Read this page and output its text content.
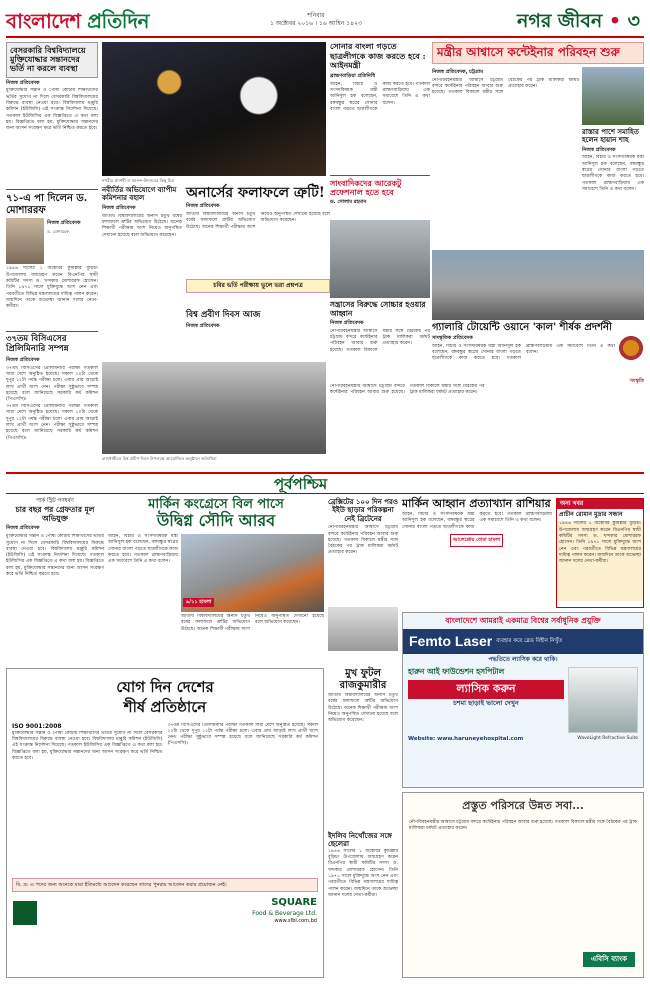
বাংলাদেশ প্রতিদিন	শনিবার
১ অক্টোবর ২০১৬ । ১৬ আশ্বিন ১৪২৩	নগর জীবন • ৩
বেসরকারি বিশ্ববিদ্যালয়ে মুক্তিযোদ্ধার সন্তানদের ভর্তি না করলে ব্যবস্থা
নিজস্ব প্রতিবেদক
মুক্তিযোদ্ধার সন্তান ও পোষ্য কোটায় শিক্ষার্থীদের ভর্তির সুযোগ না দিলে বেসরকারি বিশ্ববিদ্যালয়ের বিরুদ্ধে ব্যবস্থা নেওয়া হবে। বিশ্ববিদ্যালয় মঞ্জুরি কমিশন (ইউজিসি) এই সংক্রান্ত নির্দেশনা দিয়েছে। গতকাল ইউজিসির এক বিজ্ঞপ্তিতে এ কথা বলা হয়। বিজ্ঞপ্তিতে বলা হয়, মুক্তিযোদ্ধার সন্তানদের জন্য আসন সংরক্ষণ করে ভর্তি নিশ্চিত করতে হবে।
৭১-এ পা দিলেন ড. মোশাররফ
নিজস্ব প্রতিবেদক
ড. মোশাররফ
১৯৪৬ সালের ১ অক্টোবর কুমিল্লার বুড়িচং উপজেলায় জন্মগ্রহণ করেন বিএনপির স্থায়ী কমিটির সদস্য ড. খন্দকার মোশাররফ হোসেন। তিনি ১৯৭১ সালে মুক্তিযুদ্ধে অংশ নেন এবং পরবর্তীতে বিভিন্ন মন্ত্রণালয়ের দায়িত্ব পালন করেন। জন্মদিনে তাকে শুভেচ্ছা জানান দলের নেতা-কর্মীরা।
৩৭তম বিসিএসের প্রিলিমিনারি সম্পন্ন
নিজস্ব প্রতিবেদক
৩৭তম বিসিএসের প্রিলিমিনারি পরীক্ষা গতকাল সারা দেশে অনুষ্ঠিত হয়েছে। সকাল ১০টা থেকে দুপুর ১২টা পর্যন্ত পরীক্ষা চলে। এবার প্রায় আড়াই লাখ প্রার্থী অংশ নেন। পরীক্ষা সুষ্ঠুভাবে সম্পন্ন হয়েছে বলে জানিয়েছে সরকারি কর্ম কমিশন (পিএসসি)।
নগরীর প্রদর্শনী ও আনন্দ-উৎসবের কিছু চিত্র
সোনার বাংলা গড়তে ছাত্রলীগকে কাজ করতে হবে : আইনমন্ত্রী
ব্রাহ্মণবাড়িয়া প্রতিনিধি
আইন, বিচার ও সংসদবিষয়ক মন্ত্রী আনিসুল হক বলেছেন, বঙ্গবন্ধুর স্বপ্নের সোনার বাংলা গড়তে ছাত্রলীগকে কাজ করতে হবে। গতকাল ব্রাহ্মণবাড়িয়ায় এক সমাবেশে তিনি এ কথা বলেন।
সাংবাদিকদের আরেকটু প্রফেশনাল হতে হবে
ড. গোলাম রহমান
মন্ত্রীর আশ্বাসে কন্টেইনার পরিবহন শুরু
নিজস্ব প্রতিবেদক, চট্টগ্রাম
নৌপরিবহনমন্ত্রীর আশ্বাসে চট্টগ্রাম বন্দরে কন্টেইনার পরিবহন আবার শুরু হয়েছে। গতকাল বিকালে মন্ত্রীর সঙ্গে বৈঠকের পর ট্রাক মালিকরা ধর্মঘট প্রত্যাহার করেন।
রাস্তার পাশে সমাহিত হলেন হায়ান শাহ
নিজস্ব প্রতিবেদক
আইন, বিচার ও সংসদবিষয়ক মন্ত্রী আনিসুল হক বলেছেন, বঙ্গবন্ধুর স্বপ্নের সোনার বাংলা গড়তে ছাত্রলীগকে কাজ করতে হবে। গতকাল ব্রাহ্মণবাড়িয়ায় এক সমাবেশে তিনি এ কথা বলেন।
নবীর্তির অভিযোগে ব্যাপীম কমিশনার বহাল
নিজস্ব প্রতিবেদক
জাতীয় বিশ্ববিদ্যালয়ের অনার্স চতুর্থ বর্ষের ফলাফলে ত্রুটির অভিযোগ উঠেছে। অনেক শিক্ষার্থী পরীক্ষায় অংশ নিয়েও অনুপস্থিত দেখানো হয়েছে বলে অভিযোগ করেছেন।
অনার্সের ফলাফলে ত্রুটি!
নিজস্ব প্রতিবেদক
জাতীয় বিশ্ববিদ্যালয়ের অনার্স চতুর্থ বর্ষের ফলাফলে ত্রুটির অভিযোগ উঠেছে। অনেক শিক্ষার্থী পরীক্ষায় অংশ নিয়েও অনুপস্থিত দেখানো হয়েছে বলে অভিযোগ করেছেন।
চবির ভর্তি পরীক্ষায় ভুলে ভরা প্রশ্নপত্র
বিশ্ব প্রবীণ দিবস আজ
নিজস্ব প্রতিবেদক
সন্ত্রাসের বিরুদ্ধে সোচ্চার হওয়ার আহ্বান
নিজস্ব প্রতিবেদক
নৌপরিবহনমন্ত্রীর আশ্বাসে চট্টগ্রাম বন্দরে কন্টেইনার পরিবহন আবার শুরু হয়েছে। গতকাল বিকালে মন্ত্রীর সঙ্গে বৈঠকের পর ট্রাক মালিকরা ধর্মঘট প্রত্যাহার করেন।
গ্যালারি টোয়েন্টি ওয়ানে 'কাল' শীর্ষক প্রদর্শনী
সাংস্কৃতিক প্রতিবেদক
আইন, বিচার ও সংসদবিষয়ক মন্ত্রী আনিসুল হক বলেছেন, বঙ্গবন্ধুর স্বপ্নের সোনার বাংলা গড়তে ছাত্রলীগকে কাজ করতে হবে। গতকাল ব্রাহ্মণবাড়িয়ায় এক সমাবেশে তিনি এ কথা বলেন।
সংস্কৃতি
রাজধানীতে বিশ্ব প্রবীণ দিবস উপলক্ষে আয়োজিত অনুষ্ঠানে অতিথিরা
৩৭তম বিসিএসের প্রিলিমিনারি পরীক্ষা গতকাল সারা দেশে অনুষ্ঠিত হয়েছে। সকাল ১০টা থেকে দুপুর ১২টা পর্যন্ত পরীক্ষা চলে। এবার প্রায় আড়াই লাখ প্রার্থী অংশ নেন। পরীক্ষা সুষ্ঠুভাবে সম্পন্ন হয়েছে বলে জানিয়েছে সরকারি কর্ম কমিশন (পিএসসি)।
নৌপরিবহনমন্ত্রীর আশ্বাসে চট্টগ্রাম বন্দরে কন্টেইনার পরিবহন আবার শুরু হয়েছে। গতকাল বিকালে মন্ত্রীর সঙ্গে বৈঠকের পর ট্রাক মালিকরা ধর্মঘট প্রত্যাহার করেন।
পূর্বপশ্চিম
পার্ক স্ট্রিট গণধর্ষণ
চার বছর পর গ্রেফতার মূল অভিযুক্ত
নিজস্ব প্রতিবেদক
মুক্তিযোদ্ধার সন্তান ও পোষ্য কোটায় শিক্ষার্থীদের ভর্তির সুযোগ না দিলে বেসরকারি বিশ্ববিদ্যালয়ের বিরুদ্ধে ব্যবস্থা নেওয়া হবে। বিশ্ববিদ্যালয় মঞ্জুরি কমিশন (ইউজিসি) এই সংক্রান্ত নির্দেশনা দিয়েছে। গতকাল ইউজিসির এক বিজ্ঞপ্তিতে এ কথা বলা হয়। বিজ্ঞপ্তিতে বলা হয়, মুক্তিযোদ্ধার সন্তানদের জন্য আসন সংরক্ষণ করে ভর্তি নিশ্চিত করতে হবে।
মার্কিন কংগ্রেসে বিল পাসে
উদ্বিগ্ন সৌদি আরব
আইন, বিচার ও সংসদবিষয়ক মন্ত্রী আনিসুল হক বলেছেন, বঙ্গবন্ধুর স্বপ্নের সোনার বাংলা গড়তে ছাত্রলীগকে কাজ করতে হবে। গতকাল ব্রাহ্মণবাড়িয়ায় এক সমাবেশে তিনি এ কথা বলেন।
৯/১১ হামলা
জাতীয় বিশ্ববিদ্যালয়ের অনার্স চতুর্থ বর্ষের ফলাফলে ত্রুটির অভিযোগ উঠেছে। অনেক শিক্ষার্থী পরীক্ষায় অংশ নিয়েও অনুপস্থিত দেখানো হয়েছে বলে অভিযোগ করেছেন।
ব্রেক্সিটের ১০০ দিন পরও ইইউ ছাড়ার পরিকল্পনা নেই ব্রিটেনের
নৌপরিবহনমন্ত্রীর আশ্বাসে চট্টগ্রাম বন্দরে কন্টেইনার পরিবহন আবার শুরু হয়েছে। গতকাল বিকালে মন্ত্রীর সঙ্গে বৈঠকের পর ট্রাক মালিকরা ধর্মঘট প্রত্যাহার করেন।
মার্কিন আহ্বান প্রত্যাখ্যান রাশিয়ার
আইন, বিচার ও সংসদবিষয়ক মন্ত্রী আনিসুল হক বলেছেন, বঙ্গবন্ধুর স্বপ্নের সোনার বাংলা গড়তে ছাত্রলীগকে কাজ করতে হবে। গতকাল ব্রাহ্মণবাড়িয়ায় এক সমাবেশে তিনি এ কথা বলেন।
আলেপ্পোয় বোমা হামলা
অন্য খবর
প্রাচীন রোমান মুদ্রার সন্ধান
১৯৪৬ সালের ১ অক্টোবর কুমিল্লার বুড়িচং উপজেলায় জন্মগ্রহণ করেন বিএনপির স্থায়ী কমিটির সদস্য ড. খন্দকার মোশাররফ হোসেন। তিনি ১৯৭১ সালে মুক্তিযুদ্ধে অংশ নেন এবং পরবর্তীতে বিভিন্ন মন্ত্রণালয়ের দায়িত্ব পালন করেন। জন্মদিনে তাকে শুভেচ্ছা জানান দলের নেতা-কর্মীরা।
বাংলাদেশে আমরাই একমাত্র বিশ্বের সর্বাধুনিক প্রযুক্তি
Femto Laser ব্যবহার করে ব্লেড বিহীন নিখুঁত
পদ্ধতিতে ল্যাসিক করে থাকি।
হারুন আই ফাউন্ডেশন হসপিটাল
ল্যাসিক করুন
চশমা ছাড়াই ভালো দেখুন
Website: www.haruneyehospital.com	WaveLight Refractive Suite
যোগ দিন দেশের
শীর্ষ প্রতিষ্ঠানে
ISO 9001:2008
মুক্তিযোদ্ধার সন্তান ও পোষ্য কোটায় শিক্ষার্থীদের ভর্তির সুযোগ না দিলে বেসরকারি বিশ্ববিদ্যালয়ের বিরুদ্ধে ব্যবস্থা নেওয়া হবে। বিশ্ববিদ্যালয় মঞ্জুরি কমিশন (ইউজিসি) এই সংক্রান্ত নির্দেশনা দিয়েছে। গতকাল ইউজিসির এক বিজ্ঞপ্তিতে এ কথা বলা হয়। বিজ্ঞপ্তিতে বলা হয়, মুক্তিযোদ্ধার সন্তানদের জন্য আসন সংরক্ষণ করে ভর্তি নিশ্চিত করতে হবে।
৩৭তম বিসিএসের প্রিলিমিনারি পরীক্ষা গতকাল সারা দেশে অনুষ্ঠিত হয়েছে। সকাল ১০টা থেকে দুপুর ১২টা পর্যন্ত পরীক্ষা চলে। এবার প্রায় আড়াই লাখ প্রার্থী অংশ নেন। পরীক্ষা সুষ্ঠুভাবে সম্পন্ন হয়েছে বলে জানিয়েছে সরকারি কর্ম কমিশন (পিএসসি)।
বি. দ্র: এ পদের জন্য অনেকে যারা ইতিমধ্যে আবেদন করেছেন তাদের পুনরায় আবেদন করার প্রয়োজন নেই।
SQUARE
Food & Beverage Ltd.
www.sfbl.com.bd
মুখ ফুটল রাজকুমারীর
জাতীয় বিশ্ববিদ্যালয়ের অনার্স চতুর্থ বর্ষের ফলাফলে ত্রুটির অভিযোগ উঠেছে। অনেক শিক্ষার্থী পরীক্ষায় অংশ নিয়েও অনুপস্থিত দেখানো হয়েছে বলে অভিযোগ করেছেন।
ইদলিব নিখোঁজের সঙ্গে ছেলেরা
১৯৪৬ সালের ১ অক্টোবর কুমিল্লার বুড়িচং উপজেলায় জন্মগ্রহণ করেন বিএনপির স্থায়ী কমিটির সদস্য ড. খন্দকার মোশাররফ হোসেন। তিনি ১৯৭১ সালে মুক্তিযুদ্ধে অংশ নেন এবং পরবর্তীতে বিভিন্ন মন্ত্রণালয়ের দায়িত্ব পালন করেন। জন্মদিনে তাকে শুভেচ্ছা জানান দলের নেতা-কর্মীরা।
প্রস্তুত পরিসরে উন্নত সবা...
নৌপরিবহনমন্ত্রীর আশ্বাসে চট্টগ্রাম বন্দরে কন্টেইনার পরিবহন আবার শুরু হয়েছে। গতকাল বিকালে মন্ত্রীর সঙ্গে বৈঠকের পর ট্রাক মালিকরা ধর্মঘট প্রত্যাহার করেন।
এবিসি ব্যাংক
